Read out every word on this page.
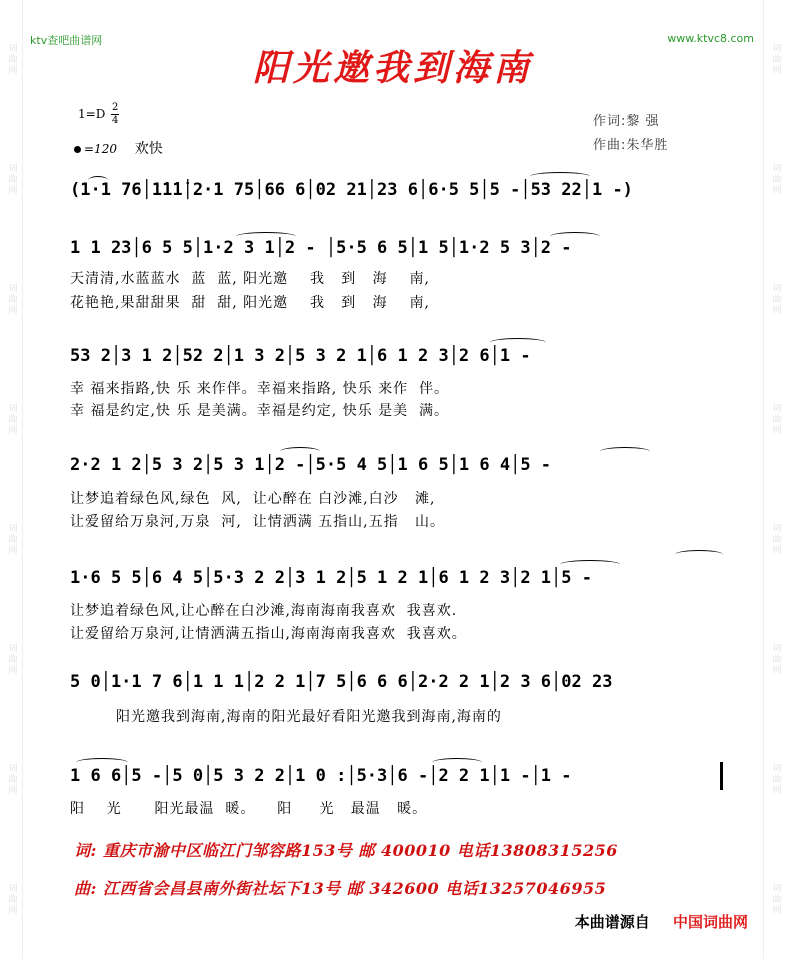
词曲网
词曲网
词曲网
词曲网
词曲网
词曲网
词曲网
词曲网
词曲网
词曲网
词曲网
词曲网
词曲网
词曲网
词曲网
词曲网
ktv查吧曲谱网	www.ktvc8.com
阳光邀我到海南
$1=D \frac{2}{4}$
=120 欢快
作词:黎 强
作曲:朱华胜
(1·1 76│1̇1̇1̇│2·1 75│66 6│02 21│23 6│6·5 5│5 -│53 22│1 -)
1 1 23│6 5 5│1·2 3 1│2 - │5·5 6 5│1 5│1·2 5 3│2 -
天清清,水蓝蓝水  蓝  蓝, 阳光邀    我   到   海    南,
花艳艳,果甜甜果  甜  甜, 阳光邀    我   到   海    南,
53 2│3 1 2│52 2│1 3 2│5 3 2 1│6 1 2 3│2 6│1 -
幸 福来指路,快 乐 来作伴。幸福来指路, 快乐 来作  伴。
幸 福是约定,快 乐 是美满。幸福是约定, 快乐 是美  满。
2·2 1 2│5 3 2│5 3 1│2 -│5·5 4 5│1 6 5│1 6 4│5 -
让梦追着绿色风,绿色  风,  让心醉在 白沙滩,白沙   滩,
让爱留给万泉河,万泉  河,  让情洒满 五指山,五指   山。
1·6 5 5│6 4 5│5·3 2 2│3 1 2│5 1 2 1│6 1 2 3│2 1│5 -
让梦追着绿色风,让心醉在白沙滩,海南海南我喜欢  我喜欢.
让爱留给万泉河,让情洒满五指山,海南海南我喜欢  我喜欢。
5 0│1·1 7 6│1 1 1│2 2 1│7 5│6 6 6│2·2 2 1│2 3 6│02 23
阳光邀我到海南,海南的阳光最好看阳光邀我到海南,海南的
1 6 6│5 -│5 0│5 3 2 2│1 0 :│5·3│6 -│2 2 1│1 -│1 -
阳    光      阳光最温  暖。    阳     光   最温   暖。
词: 重庆市渝中区临江门邹容路153号 邮 400010 电话13808315256
曲: 江西省会昌县南外街社坛下13号 邮 342600 电话13257046955
本曲谱源自 中国词曲网
